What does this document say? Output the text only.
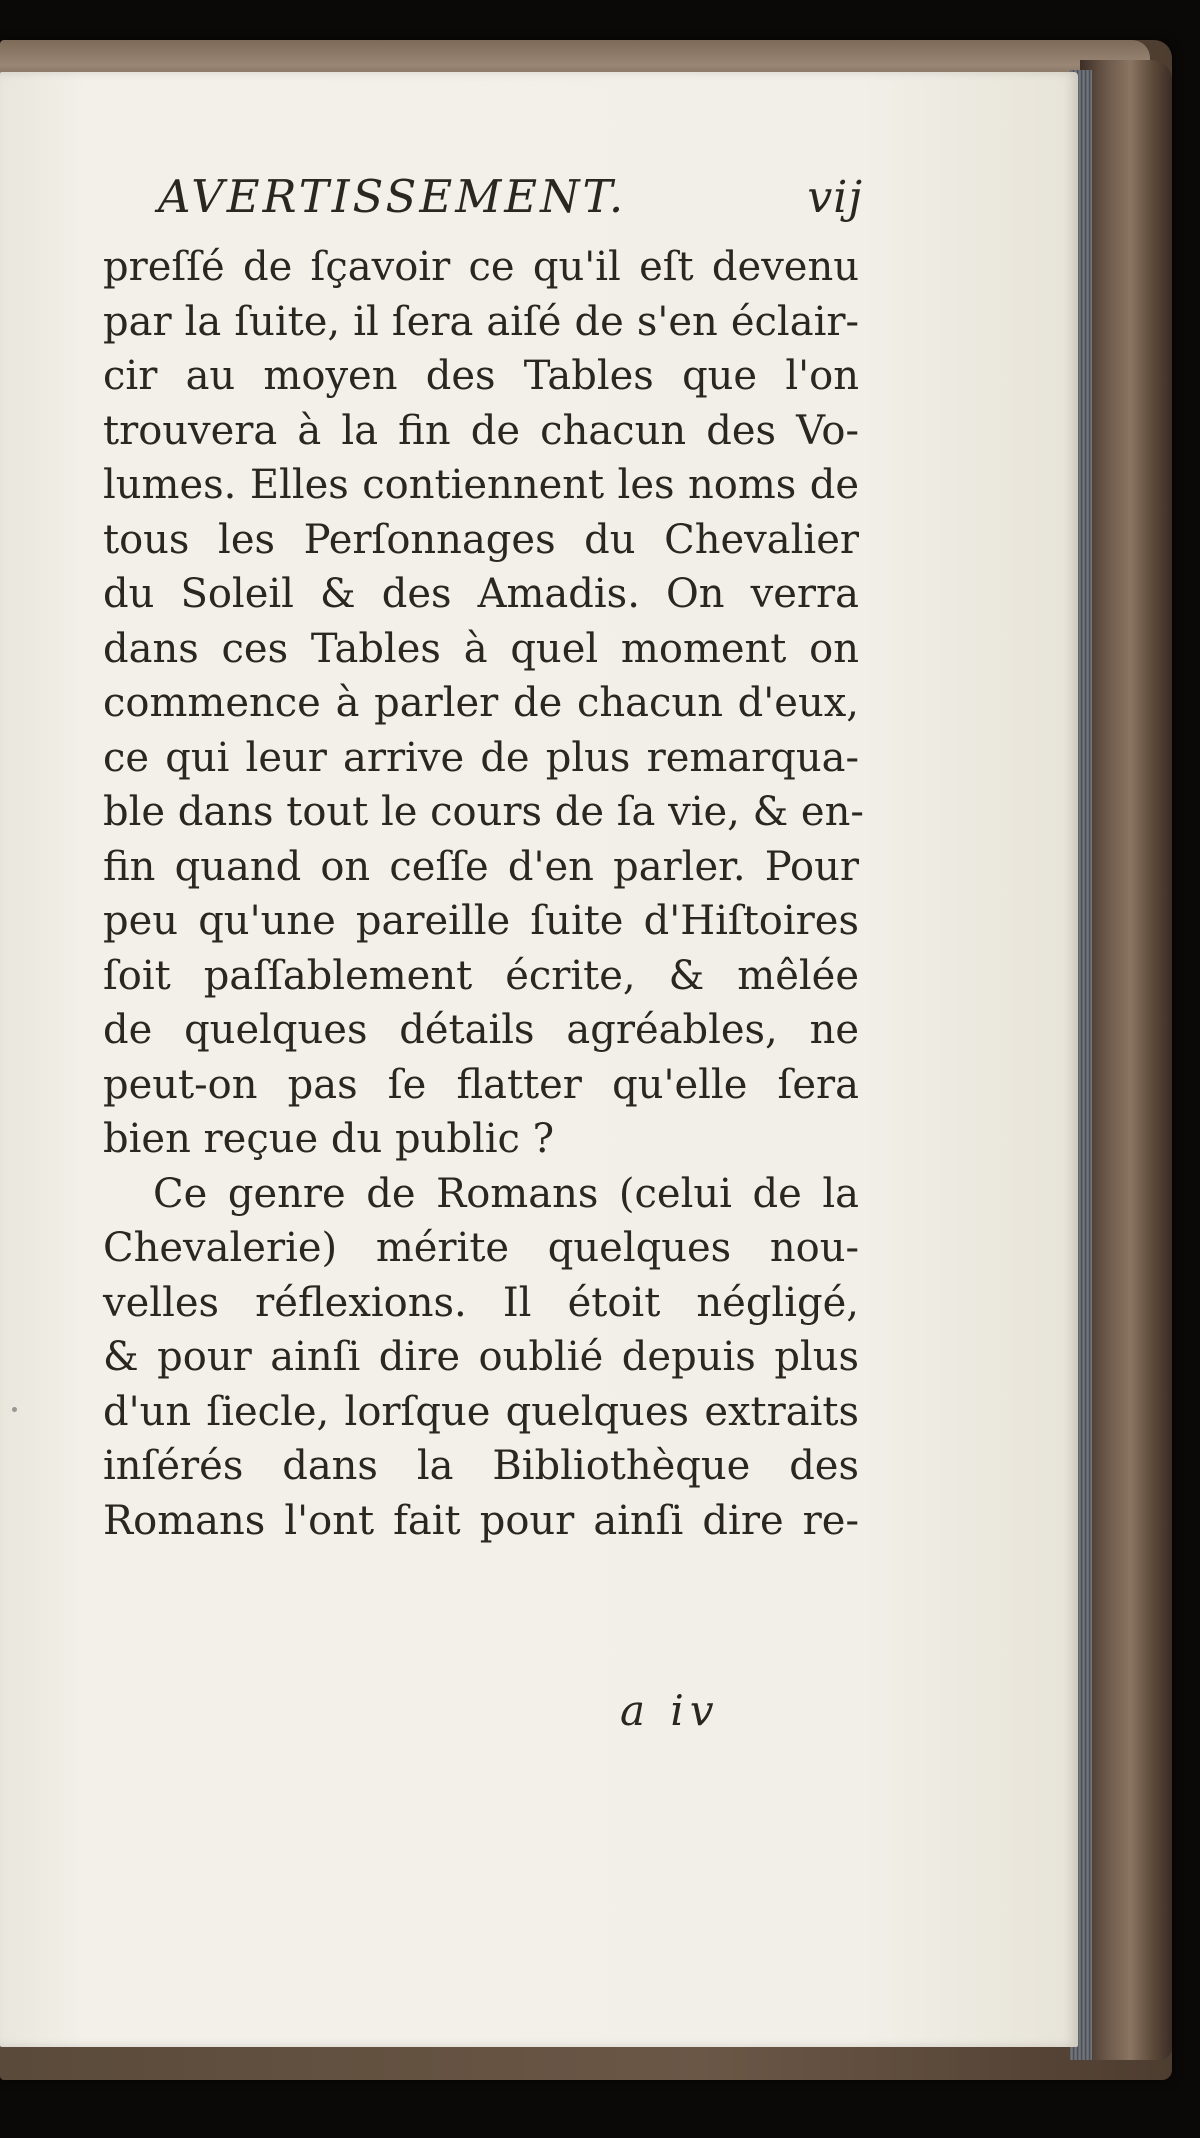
AVERTISSEMENT.	vij
preſſé de ſçavoir ce qu'il eſt devenu
par la ſuite, il ſera aiſé de s'en éclair-
cir au moyen des Tables que l'on
trouvera à la fin de chacun des Vo-
lumes. Elles contiennent les noms de
tous les Perſonnages du Chevalier
du Soleil & des Amadis. On verra
dans ces Tables à quel moment on
commence à parler de chacun d'eux,
ce qui leur arrive de plus remarqua-
ble dans tout le cours de ſa vie, & en-
fin quand on ceſſe d'en parler. Pour
peu qu'une pareille ſuite d'Hiſtoires
ſoit paſſablement écrite, & mêlée
de quelques détails agréables, ne
peut-on pas ſe flatter qu'elle ſera
bien reçue du public ?
Ce genre de Romans (celui de la
Chevalerie) mérite quelques nou-
velles réflexions. Il étoit négligé,
& pour ainſi dire oublié depuis plus
d'un ſiecle, lorſque quelques extraits
inſérés dans la Bibliothèque des
Romans l'ont fait pour ainſi dire re-
a iv
